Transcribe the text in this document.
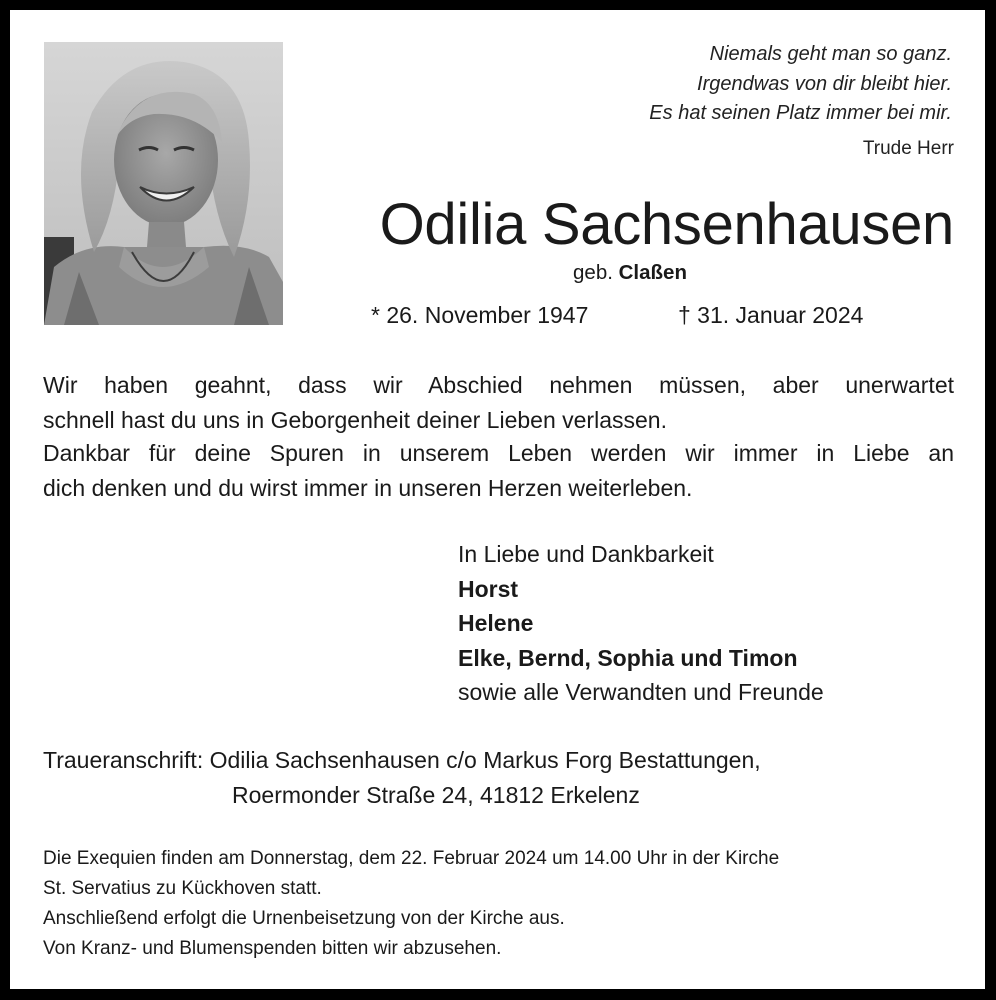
Niemals geht man so ganz.
Irgendwas von dir bleibt hier.
Es hat seinen Platz immer bei mir.
Trude Herr
Odilia Sachsenhausen
geb. Claßen
* 26. November 1947	† 31. Januar 2024
Wir haben geahnt, dass wir Abschied nehmen müssen, aber unerwartet
schnell hast du uns in Geborgenheit deiner Lieben verlassen.
Dankbar für deine Spuren in unserem Leben werden wir immer in Liebe an
dich denken und du wirst immer in unseren Herzen weiterleben.
In Liebe und Dankbarkeit
Horst
Helene
Elke, Bernd, Sophia und Timon
sowie alle Verwandten und Freunde
Traueranschrift: Odilia Sachsenhausen c/o Markus Forg Bestattungen,
Roermonder Straße 24, 41812 Erkelenz
Die Exequien finden am Donnerstag, dem 22. Februar 2024 um 14.00 Uhr in der Kirche
St. Servatius zu Kückhoven statt.
Anschließend erfolgt die Urnenbeisetzung von der Kirche aus.
Von Kranz- und Blumenspenden bitten wir abzusehen.
